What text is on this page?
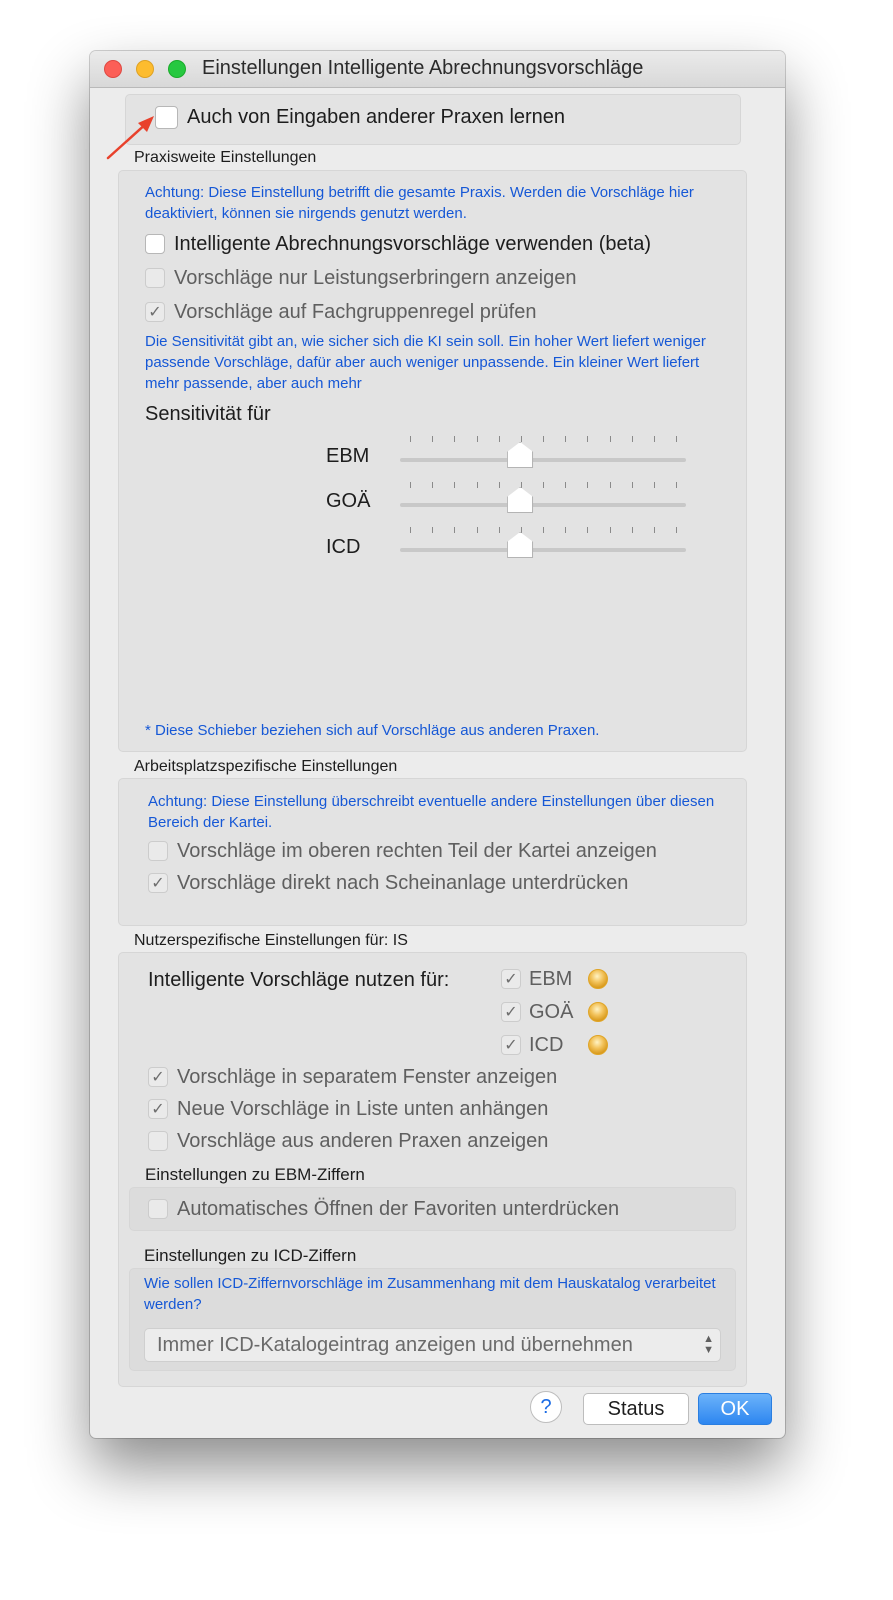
Einstellungen Intelligente Abrechnungsvorschläge
Auch von Eingaben anderer Praxen lernen
Praxisweite Einstellungen
Achtung: Diese Einstellung betrifft die gesamte Praxis. Werden die Vorschläge hier deaktiviert, können sie nirgends genutzt werden.
Intelligente Abrechnungsvorschläge verwenden (beta)
Vorschläge nur Leistungserbringern anzeigen
✓ Vorschläge auf Fachgruppenregel prüfen
Die Sensitivität gibt an, wie sicher sich die KI sein soll. Ein hoher Wert liefert weniger passende Vorschläge, dafür aber auch weniger unpassende. Ein kleiner Wert liefert mehr passende, aber auch mehr
Sensitivität für
EBM
GOÄ
ICD
* Diese Schieber beziehen sich auf Vorschläge aus anderen Praxen.
Arbeitsplatzspezifische Einstellungen
Achtung: Diese Einstellung überschreibt eventuelle andere Einstellungen über diesen Bereich der Kartei.
Vorschläge im oberen rechten Teil der Kartei anzeigen
✓ Vorschläge direkt nach Scheinanlage unterdrücken
Nutzerspezifische Einstellungen für: IS
Intelligente Vorschläge nutzen für:	✓ EBM
✓ GOÄ
✓ ICD
✓ Vorschläge in separatem Fenster anzeigen
✓ Neue Vorschläge in Liste unten anhängen
Vorschläge aus anderen Praxen anzeigen
Einstellungen zu EBM-Ziffern
Automatisches Öffnen der Favoriten unterdrücken
Einstellungen zu ICD-Ziffern
Wie sollen ICD-Ziffernvorschläge im Zusammenhang mit dem Hauskatalog verarbeitet werden?
Immer ICD-Katalogeintrag anzeigen und übernehmen	▲
▼
?	Status	OK
